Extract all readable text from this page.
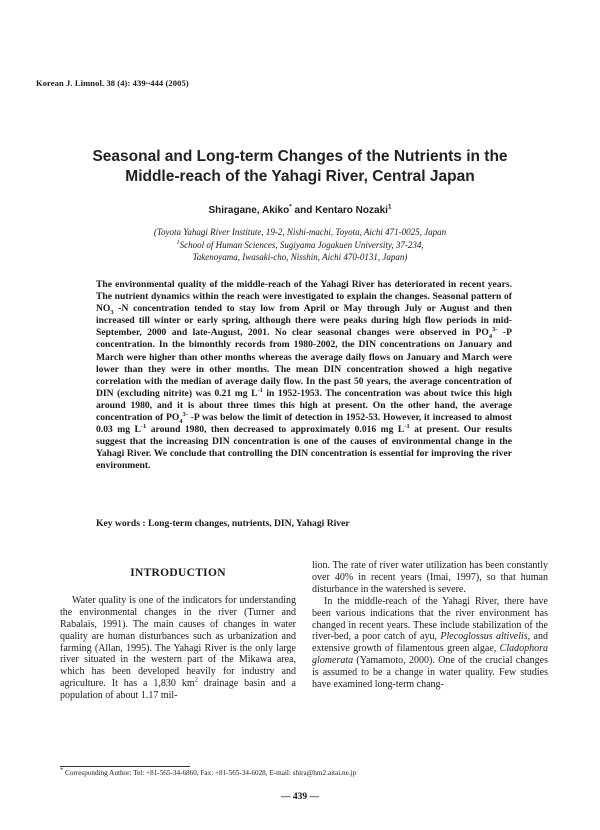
Korean J. Limnol. 38 (4): 439~444 (2005)
Seasonal and Long-term Changes of the Nutrients in the
Middle-reach of the Yahagi River, Central Japan
Shiragane, Akiko* and Kentaro Nozaki$^1$
(Toyota Yahagi River Institute, 19-2, Nishi-machi, Toyota, Aichi 471-0025, Japan
$^1$School of Human Sciences, Sugiyama Jogakuen University, 37-234,
Takenoyama, Iwasaki-cho, Nisshin, Aichi 470-0131, Japan)
The environmental quality of the middle-reach of the Yahagi River has deteriorated in recent years. The nutrient dynamics within the reach were investigated to explain the changes. Seasonal pattern of $NO_3$ -N concentration tended to stay low from April or May through July or August and then increased till winter or early spring, although there were peaks during high flow periods in mid-September, 2000 and late-August, 2001. No clear seasonal changes were observed in $PO_4^{3-}$ -P concentration. In the bimonthly records from 1980-2002, the DIN concentrations on January and March were higher than other months whereas the average daily flows on January and March were lower than they were in other months. The mean DIN concentration showed a high negative correlation with the median of average daily flow. In the past 50 years, the average concentration of DIN (excluding nitrite) was 0.21 mg $L^{-1}$ in 1952-1953. The concentration was about twice this high around 1980, and it is about three times this high at present. On the other hand, the average concentration of $PO_4^{3-}$ -P was below the limit of detection in 1952-53. However, it increased to almost 0.03 mg $L^{-1}$ around 1980, then decreased to approximately 0.016 mg $L^{-1}$ at present. Our results suggest that the increasing DIN concentration is one of the causes of environmental change in the Yahagi River. We conclude that controlling the DIN concentration is essential for improving the river environment.
Key words : Long-term changes, nutrients, DIN, Yahagi River
INTRODUCTION

Water quality is one of the indicators for understanding the environmental changes in the river (Turner and Rabalais, 1991). The main causes of changes in water quality are human disturbances such as urbanization and farming (Allan, 1995). The Yahagi River is the only large river situated in the western part of the Mikawa area, which has been developed heavily for industry and agriculture. It has a 1,830 $km^2$ drainage basin and a population of about 1.17 mil-

lion. The rate of river water utilization has been constantly over 40% in recent years (Imai, 1997), so that human disturbance in the watershed is severe.

In the middle-reach of the Yahagi River, there have been various indications that the river environment has changed in recent years. These include stabilization of the river-bed, a poor catch of ayu, Plecoglossus altivelis, and extensive growth of filamentous green algae, Cladophora glomerata (Yamamoto, 2000). One of the crucial changes is assumed to be a change in water quality. Few studies have examined long-term chang-

* Corresponding Author: Tel: +81-565-34-6860, Fax: +81-565-34-6028, E-mail: shira@hm2.aitai.ne.jp
— 439 —
